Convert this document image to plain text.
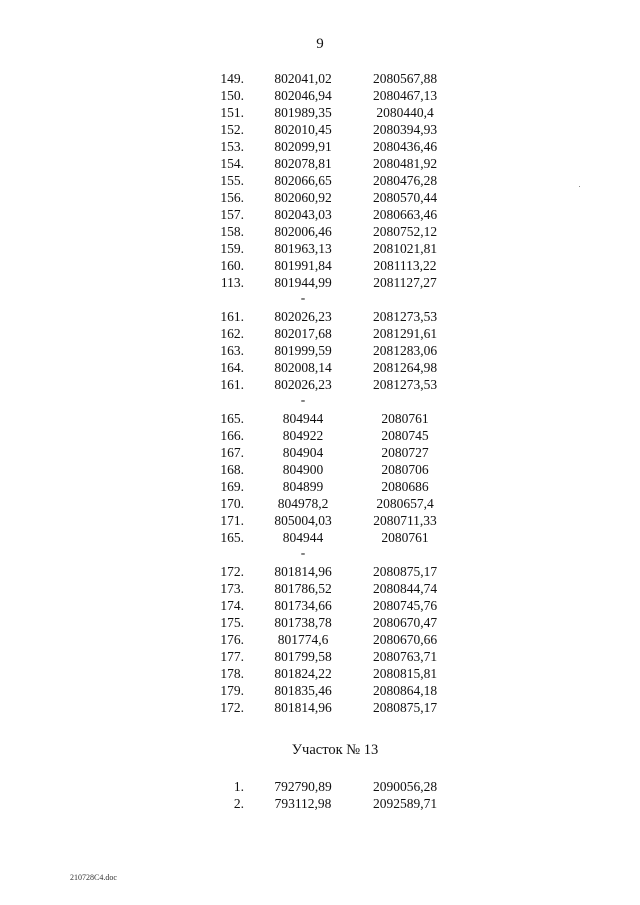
9
149.	802041,02	2080567,88
150.	802046,94	2080467,13
151.	801989,35	2080440,4
152.	802010,45	2080394,93
153.	802099,91	2080436,46
154.	802078,81	2080481,92
155.	802066,65	2080476,28
156.	802060,92	2080570,44
157.	802043,03	2080663,46
158.	802006,46	2080752,12
159.	801963,13	2081021,81
160.	801991,84	2081113,22
113.	801944,99	2081127,27
-
161.	802026,23	2081273,53
162.	802017,68	2081291,61
163.	801999,59	2081283,06
164.	802008,14	2081264,98
161.	802026,23	2081273,53
-
165.	804944	2080761
166.	804922	2080745
167.	804904	2080727
168.	804900	2080706
169.	804899	2080686
170.	804978,2	2080657,4
171.	805004,03	2080711,33
165.	804944	2080761
-
172.	801814,96	2080875,17
173.	801786,52	2080844,74
174.	801734,66	2080745,76
175.	801738,78	2080670,47
176.	801774,6	2080670,66
177.	801799,58	2080763,71
178.	801824,22	2080815,81
179.	801835,46	2080864,18
172.	801814,96	2080875,17
Участок № 13
1.	792790,89	2090056,28
2.	793112,98	2092589,71
210728C4.doc
